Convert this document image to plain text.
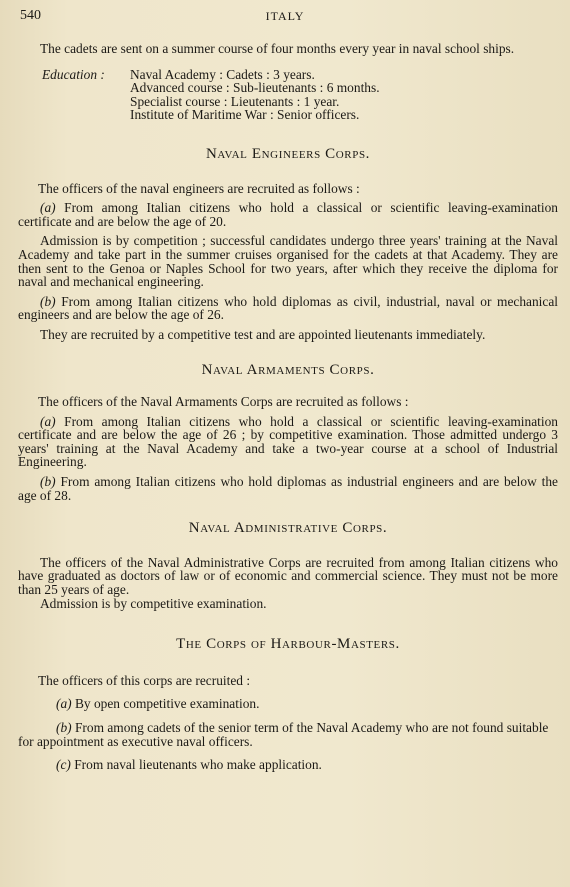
540	ITALY

The cadets are sent on a summer course of four months every year in naval school ships.

Education :	Naval Academy : Cadets : 3 years.
Advanced course : Sub-lieutenants : 6 months.
Specialist course : Lieutenants : 1 year.
Institute of Maritime War : Senior officers.
Naval Engineers Corps.

The officers of the naval engineers are recruited as follows :

(a) From among Italian citizens who hold a classical or scientific leaving-examination certificate and are below the age of 20.

Admission is by competition ; successful candidates undergo three years' training at the Naval Academy and take part in the summer cruises organised for the cadets at that Academy. They are then sent to the Genoa or Naples School for two years, after which they receive the diploma for naval and mechanical engineering.

(b) From among Italian citizens who hold diplomas as civil, industrial, naval or mechanical engineers and are below the age of 26.

They are recruited by a competitive test and are appointed lieutenants immediately.

Naval Armaments Corps.

The officers of the Naval Armaments Corps are recruited as follows :

(a) From among Italian citizens who hold a classical or scientific leaving-examination certificate and are below the age of 26 ; by competitive examination. Those admitted undergo 3 years' training at the Naval Academy and take a two-year course at a school of Industrial Engineering.

(b) From among Italian citizens who hold diplomas as industrial engineers and are below the age of 28.

Naval Administrative Corps.

The officers of the Naval Administrative Corps are recruited from among Italian citizens who have graduated as doctors of law or of economic and commercial science. They must not be more than 25 years of age.

Admission is by competitive examination.

The Corps of Harbour-Masters.

The officers of this corps are recruited :

(a) By open competitive examination.

(b) From among cadets of the senior term of the Naval Academy who are not found suitable for appointment as executive naval officers.

(c) From naval lieutenants who make application.
